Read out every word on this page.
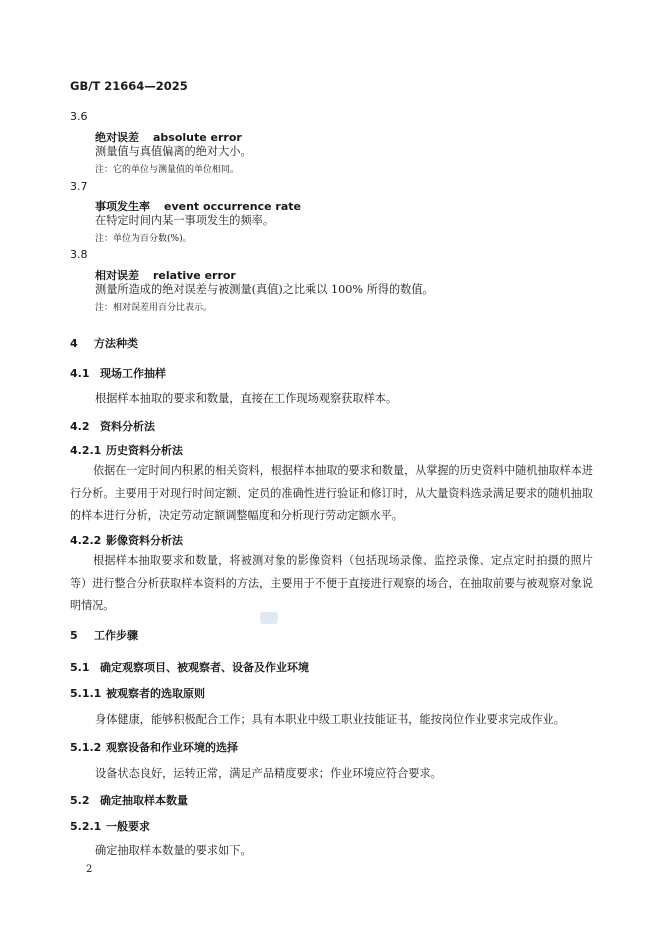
GB/T 21664—2025
3.6
绝对误差 absolute error
测量值与真值偏离的绝对大小。
注：它的单位与测量值的单位相同。
3.7
事项发生率 event occurrence rate
在特定时间内某一事项发生的频率。
注：单位为百分数(%)。
3.8
相对误差 relative error
测量所造成的绝对误差与被测量(真值)之比乘以 100% 所得的数值。
注：相对误差用百分比表示。
4 方法种类
4.1 现场工作抽样
根据样本抽取的要求和数量，直接在工作现场观察获取样本。
4.2 资料分析法
4.2.1 历史资料分析法
依据在一定时间内积累的相关资料，根据样本抽取的要求和数量，从掌握的历史资料中随机抽取样本进行分析。主要用于对现行时间定额、定员的准确性进行验证和修订时，从大量资料选录满足要求的随机抽取的样本进行分析，决定劳动定额调整幅度和分析现行劳动定额水平。
4.2.2 影像资料分析法
根据样本抽取要求和数量，将被测对象的影像资料（包括现场录像、监控录像、定点定时拍摄的照片等）进行整合分析获取样本资料的方法，主要用于不便于直接进行观察的场合，在抽取前要与被观察对象说明情况。
5 工作步骤
5.1 确定观察项目、被观察者、设备及作业环境
5.1.1 被观察者的选取原则
身体健康，能够积极配合工作；具有本职业中级工职业技能证书，能按岗位作业要求完成作业。
5.1.2 观察设备和作业环境的选择
设备状态良好，运转正常，满足产品精度要求；作业环境应符合要求。
5.2 确定抽取样本数量
5.2.1 一般要求
确定抽取样本数量的要求如下。
2
